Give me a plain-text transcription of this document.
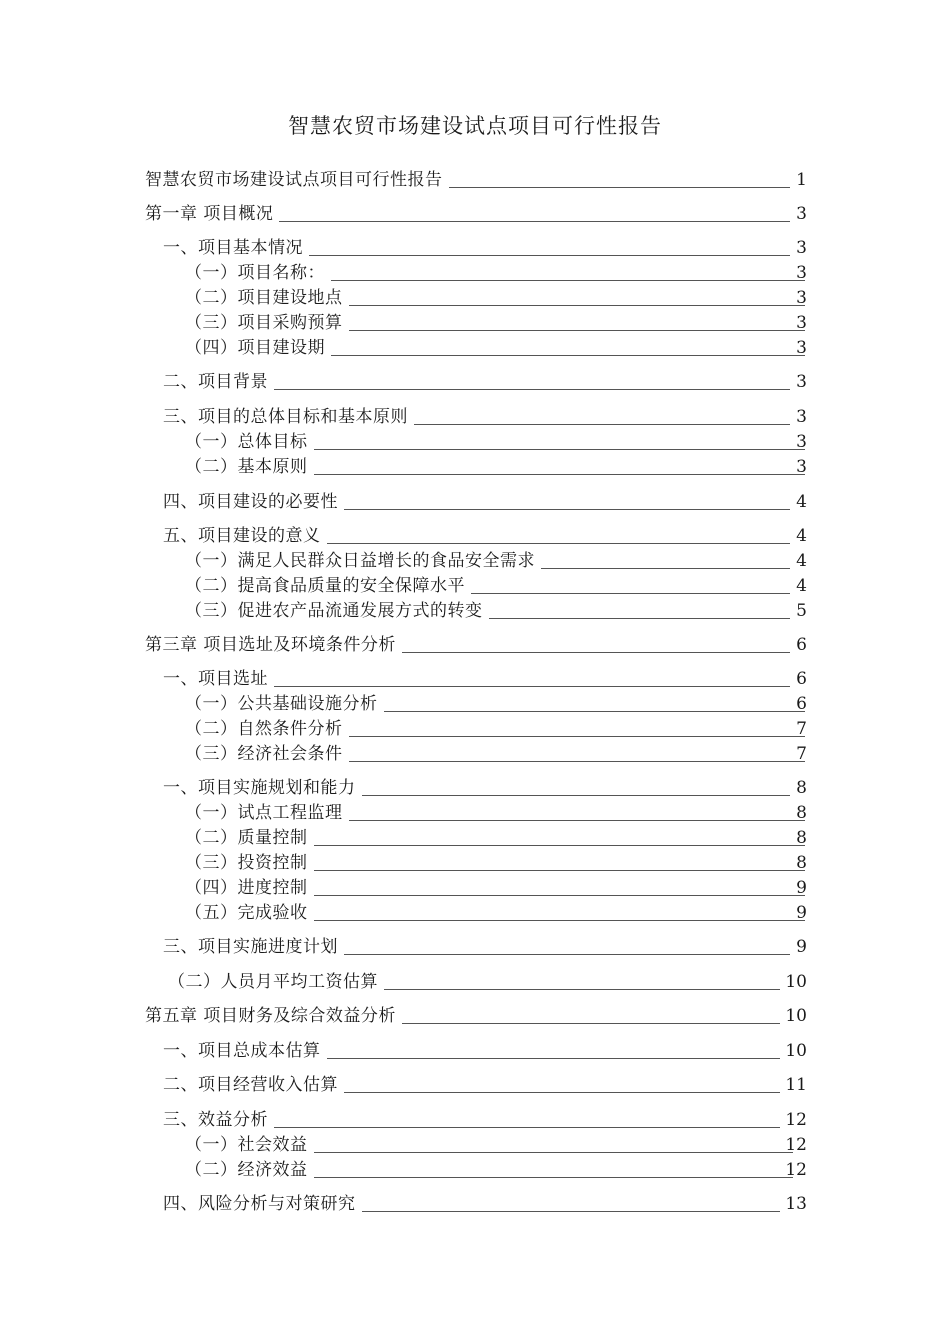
智慧农贸市场建设试点项目可行性报告
智慧农贸市场建设试点项目可行性报告	1
第一章 项目概况	3
一、项目基本情况	3
（一）项目名称：	3
（二）项目建设地点	3
（三）项目采购预算	3
（四）项目建设期	3
二、项目背景	3
三、项目的总体目标和基本原则	3
（一）总体目标	3
（二）基本原则	3
四、项目建设的必要性	4
五、项目建设的意义	4
（一）满足人民群众日益增长的食品安全需求	4
（二）提高食品质量的安全保障水平	4
（三）促进农产品流通发展方式的转变	5
第三章 项目选址及环境条件分析	6
一、项目选址	6
（一）公共基础设施分析	6
（二）自然条件分析	7
（三）经济社会条件	7
一、项目实施规划和能力	8
（一）试点工程监理	8
（二）质量控制	8
（三）投资控制	8
（四）进度控制	9
（五）完成验收	9
三、项目实施进度计划	9
（二）人员月平均工资估算	10
第五章 项目财务及综合效益分析	10
一、项目总成本估算	10
二、项目经营收入估算	11
三、效益分析	12
（一）社会效益	12
（二）经济效益	12
四、风险分析与对策研究	13
